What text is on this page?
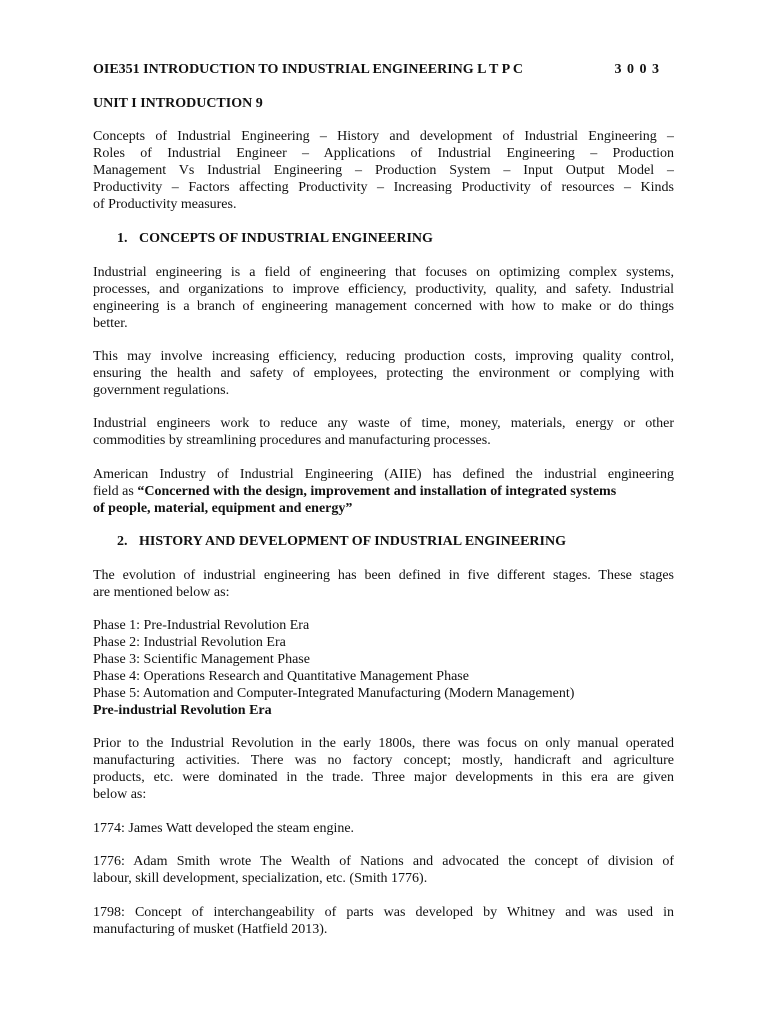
OIE351 INTRODUCTION TO INDUSTRIAL ENGINEERING L T P C	3 0 0 3

UNIT I INTRODUCTION 9

Concepts of Industrial Engineering – History and development of Industrial Engineering –

Roles of Industrial Engineer – Applications of Industrial Engineering – Production

Management Vs Industrial Engineering – Production System – Input Output Model –

Productivity – Factors affecting Productivity – Increasing Productivity of resources – Kinds

of Productivity measures.

1. CONCEPTS OF INDUSTRIAL ENGINEERING

Industrial engineering is a field of engineering that focuses on optimizing complex systems,

processes, and organizations to improve efficiency, productivity, quality, and safety. Industrial

engineering is a branch of engineering management concerned with how to make or do things

better.

This may involve increasing efficiency, reducing production costs, improving quality control,

ensuring the health and safety of employees, protecting the environment or complying with

government regulations.

Industrial engineers work to reduce any waste of time, money, materials, energy or other

commodities by streamlining procedures and manufacturing processes.

American Industry of Industrial Engineering (AIIE) has defined the industrial engineering

field as “Concerned with the design, improvement and installation of integrated systems

of people, material, equipment and energy”

2. HISTORY AND DEVELOPMENT OF INDUSTRIAL ENGINEERING

The evolution of industrial engineering has been defined in five different stages. These stages

are mentioned below as:

Phase 1: Pre-Industrial Revolution Era

Phase 2: Industrial Revolution Era

Phase 3: Scientific Management Phase

Phase 4: Operations Research and Quantitative Management Phase

Phase 5: Automation and Computer-Integrated Manufacturing (Modern Management)

Pre-industrial Revolution Era

Prior to the Industrial Revolution in the early 1800s, there was focus on only manual operated

manufacturing activities. There was no factory concept; mostly, handicraft and agriculture

products, etc. were dominated in the trade. Three major developments in this era are given

below as:

1774: James Watt developed the steam engine.

1776: Adam Smith wrote The Wealth of Nations and advocated the concept of division of

labour, skill development, specialization, etc. (Smith 1776).

1798: Concept of interchangeability of parts was developed by Whitney and was used in

manufacturing of musket (Hatfield 2013).
